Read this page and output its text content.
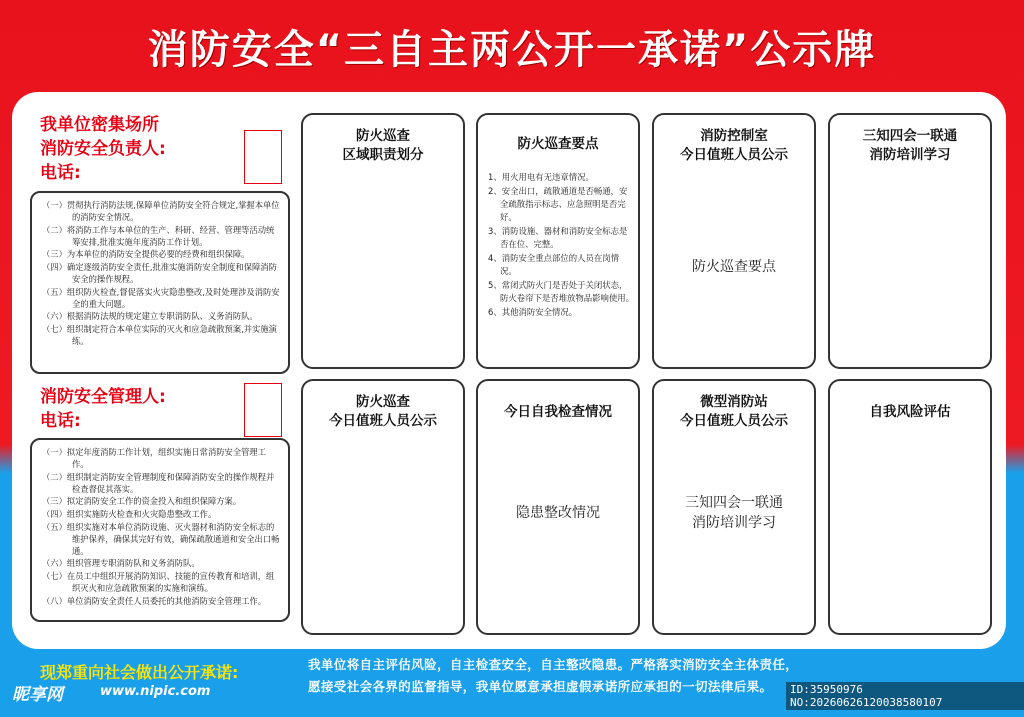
消防安全“三自主两公开一承诺”公示牌
我单位密集场所
消防安全负责人:
电话:
（一）贯彻执行消防法规,保障单位消防安全符合规定,掌握本单位的消防安全情况。
（二）将消防工作与本单位的生产、科研、经营、管理等活动统筹安排,批准实施年度消防工作计划。
（三）为本单位的消防安全提供必要的经费和组织保障。
（四）确定逐级消防安全责任,批准实施消防安全制度和保障消防安全的操作规程。
（五）组织防火检查,督促落实火灾隐患整改,及时处理涉及消防安全的重大问题。
（六）根据消防法规的规定建立专职消防队、义务消防队。
（七）组织制定符合本单位实际的灭火和应急疏散预案,并实施演练。
消防安全管理人:
电话:
（一）拟定年度消防工作计划，组织实施日常消防安全管理工作。
（二）组织制定消防安全管理制度和保障消防安全的操作规程并检查督促其落实。
（三）拟定消防安全工作的资金投入和组织保障方案。
（四）组织实施防火检查和火灾隐患整改工作。
（五）组织实施对本单位消防设施、灭火器材和消防安全标志的维护保养，确保其完好有效，确保疏散通道和安全出口畅通。
（六）组织管理专职消防队和义务消防队。
（七）在员工中组织开展消防知识、技能的宣传教育和培训，组织灭火和应急疏散预案的实施和演练。
（八）单位消防安全责任人员委托的其他消防安全管理工作。
防火巡查
区域职责划分
防火巡查要点
1、用火用电有无违章情况。
2、安全出口，疏散通道是否畅通，安全疏散指示标志、应急照明是否完好。
3、消防设施、器材和消防安全标志是否在位、完整。
4、消防安全重点部位的人员在岗情况。
5、常闭式防火门是否处于关闭状态，防火卷帘下是否堆放物品影响使用。
6、其他消防安全情况。
消防控制室
今日值班人员公示
防火巡查要点
三知四会一联通
消防培训学习
防火巡查
今日值班人员公示
今日自我检查情况
隐患整改情况
微型消防站
今日值班人员公示
三知四会一联通
消防培训学习
自我风险评估
现郑重向社会做出公开承诺:	我单位将自主评估风险，自主检查安全，自主整改隐患。严格落实消防安全主体责任，
愿接受社会各界的监督指导，我单位愿意承担虚假承诺所应承担的一切法律后果。
昵享网	www.nipic.com	ID:35950976 NO:20260626120038580107
